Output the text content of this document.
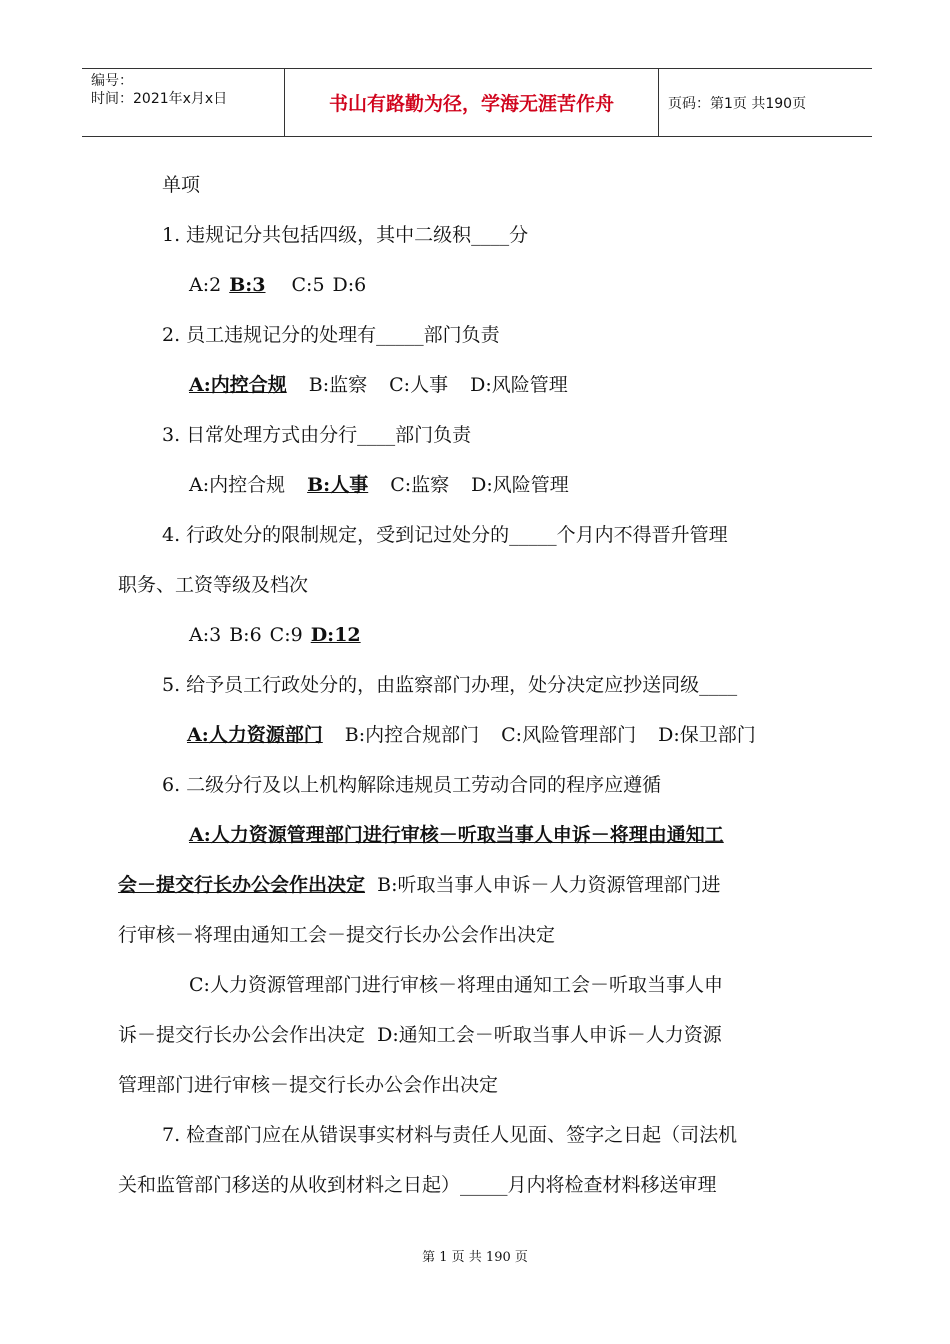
编号：
时间：2021年x月x日	书山有路勤为径，学海无涯苦作舟	页码：第1页 共190页
单项
1. 违规记分共包括四级，其中二级积____分
A:2 B:3 C:5 D:6
2. 员工违规记分的处理有_____部门负责
A:内控合规 B:监察 C:人事 D:风险管理
3. 日常处理方式由分行____部门负责
A:内控合规 B:人事 C:监察 D:风险管理
4. 行政处分的限制规定，受到记过处分的_____个月内不得晋升管理
职务、工资等级及档次
A:3 B:6 C:9 D:12
5. 给予员工行政处分的，由监察部门办理，处分决定应抄送同级____
A:人力资源部门 B:内控合规部门 C:风险管理部门 D:保卫部门
6. 二级分行及以上机构解除违规员工劳动合同的程序应遵循
A:人力资源管理部门进行审核－听取当事人申诉－将理由通知工
会－提交行长办公会作出决定 B:听取当事人申诉－人力资源管理部门进
行审核－将理由通知工会－提交行长办公会作出决定
C:人力资源管理部门进行审核－将理由通知工会－听取当事人申
诉－提交行长办公会作出决定 D:通知工会－听取当事人申诉－人力资源
管理部门进行审核－提交行长办公会作出决定
7. 检查部门应在从错误事实材料与责任人见面、签字之日起（司法机
关和监管部门移送的从收到材料之日起）_____月内将检查材料移送审理
第 1 页 共 190 页
